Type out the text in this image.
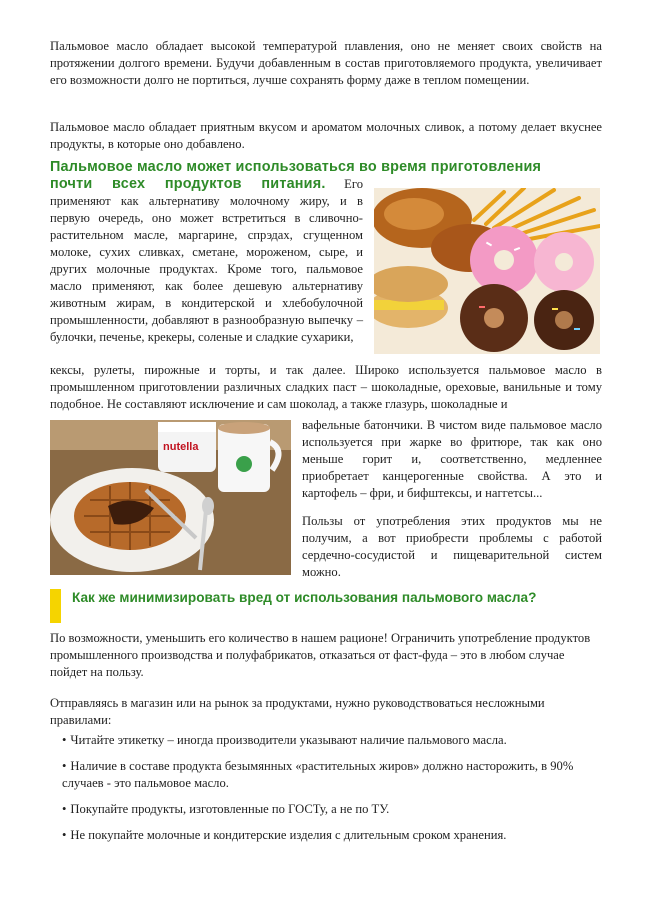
Пальмовое масло обладает высокой температурой плавления, оно не меняет своих свойств на протяжении долгого времени. Будучи добавленным в состав приготовляемого продукта, увеличивает его возможности долго не портиться, лучше сохранять форму даже в теплом помещении.

Пальмовое масло обладает приятным вкусом и ароматом молочных сливок, а потому делает вкуснее продукты, в которые оно добавлено.

Пальмовое масло может использоваться во время приготовления
почти всех продуктов питания. Его применяют как альтернативу молочному жиру, и в первую очередь, оно может встретиться в сливочно-растительном масле, маргарине, спрэдах, сгущенном молоке, сухих сливках, сметане, мороженом, сыре, и других молочные продуктах. Кроме того, пальмовое масло применяют, как более дешевую альтернативу животным жирам, в кондитерской и хлебобулочной промышленности, добавляют в разнообразную выпечку – булочки, печенье, крекеры, соленые и сладкие сухарики,

кексы, рулеты, пирожные и торты, и так далее. Широко используется пальмовое масло в промышленном приготовлении различных сладких паст – шоколадные, ореховые, ванильные и тому подобное. Не составляют исключение и сам шоколад, а также глазурь, шоколадные и

nutella

вафельные батончики. В чистом виде пальмовое масло используется при жарке во фритюре, так как оно меньше горит и, соответственно, медленнее приобретает канцерогенные свойства. А это и картофель – фри, и бифштексы, и наггетсы...

Пользы от употребления этих продуктов мы не получим, а вот приобрести проблемы с работой сердечно-сосудистой и пищеварительной систем можно.

Как же минимизировать вред от использования пальмового масла?

По возможности, уменьшить его количество в нашем рационе! Ограничить употребление продуктов промышленного производства и полуфабрикатов, отказаться от фаст-фуда – это в любом случае пойдет на пользу.

Отправляясь в магазин или на рынок за продуктами, нужно руководствоваться несложными правилами:

• Читайте этикетку – иногда производители указывают наличие пальмового масла.
• Наличие в составе продукта безымянных «растительных жиров» должно насторожить, в 90% случаев - это пальмовое масло.
• Покупайте продукты, изготовленные по ГОСТу, а не по ТУ.
• Не покупайте молочные и кондитерские изделия с длительным сроком хранения.
